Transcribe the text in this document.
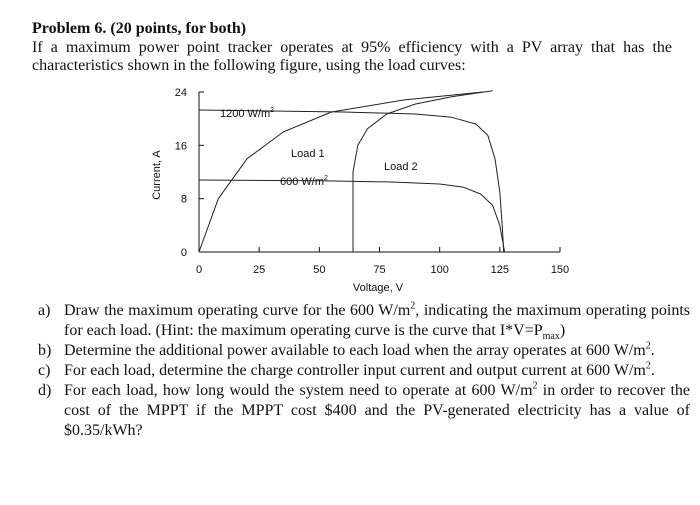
Problem 6. (20 points, for both)
If a maximum power point tracker operates at 95% efficiency with a PV array that has the characteristics shown in the following figure, using the load curves:
0	25	50	75	100	125	150
0
8
16
24
Voltage, V
Current, A
1200 $W/m^2$
600 $W/m^2$
Load 1
Load 2
a) Draw the maximum operating curve for the 600 $W/m^2$, indicating the maximum operating points for each load. (Hint: the maximum operating curve is the curve that $I*V=P_{max}$)
b) Determine the additional power available to each load when the array operates at 600 $W/m^2$.
c) For each load, determine the charge controller input current and output current at 600 $W/m^2$.
d) For each load, how long would the system need to operate at 600 $W/m^2$ in order to recover the cost of the MPPT if the MPPT cost $400 and the PV-generated electricity has a value of $0.35/kWh?
